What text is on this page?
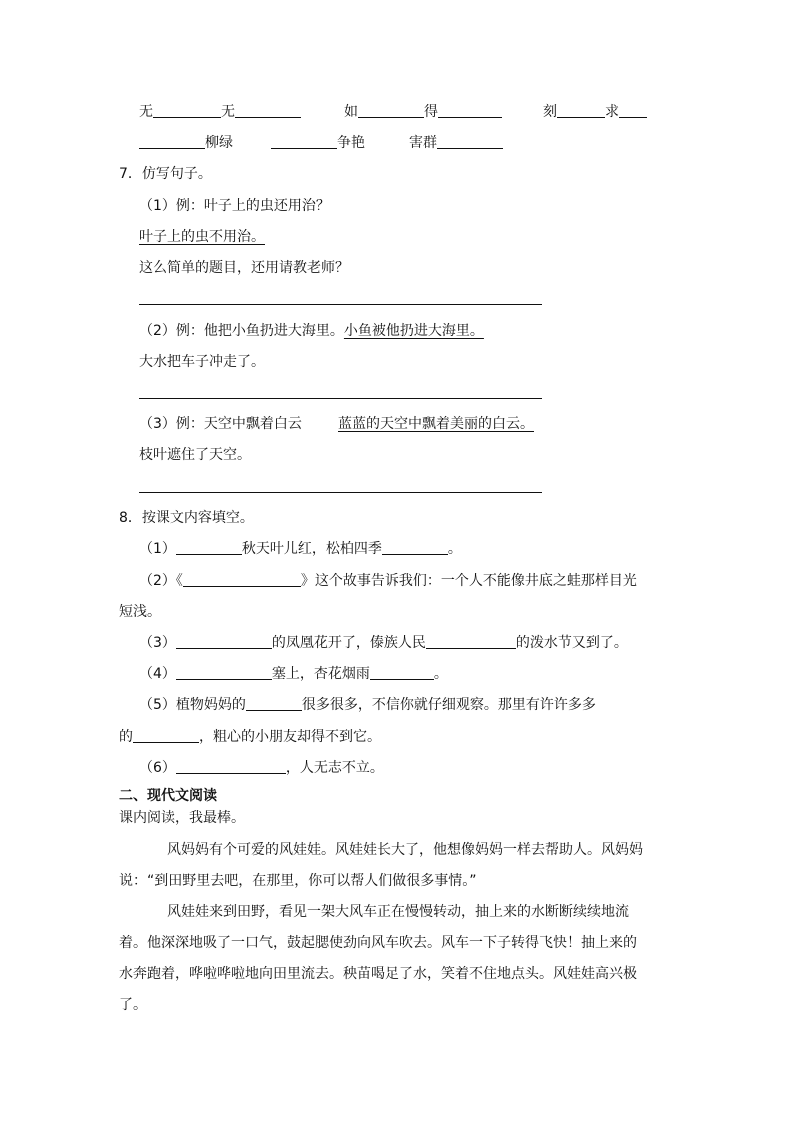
无	无	如	得	刻	求
柳绿	争艳	害群
7．仿写句子。
（1）例：叶子上的虫还用治？
叶子上的虫不用治。
这么简单的题目，还用请教老师？
（2）例：他把小鱼扔进大海里。小鱼被他扔进大海里。
大水把车子冲走了。
（3）例：天空中飘着白云	蓝蓝的天空中飘着美丽的白云。
枝叶遮住了天空。
8．按课文内容填空。
（1）	秋天叶儿红，松柏四季	。
（2）《	》这个故事告诉我们：一个人不能像井底之蛙那样目光
短浅。
（3）	的凤凰花开了，傣族人民	的泼水节又到了。
（4）	塞上，杏花烟雨	。
（5）植物妈妈的	很多很多，不信你就仔细观察。那里有许许多多
的	，粗心的小朋友却得不到它。
（6）	，人无志不立。
二、现代文阅读
课内阅读，我最棒。
风妈妈有个可爱的风娃娃。风娃娃长大了，他想像妈妈一样去帮助人。风妈妈
说：“到田野里去吧，在那里，你可以帮人们做很多事情。”
风娃娃来到田野，看见一架大风车正在慢慢转动，抽上来的水断断续续地流
着。他深深地吸了一口气，鼓起腮使劲向风车吹去。风车一下子转得飞快！抽上来的
水奔跑着，哗啦哗啦地向田里流去。秧苗喝足了水，笑着不住地点头。风娃娃高兴极
了。
